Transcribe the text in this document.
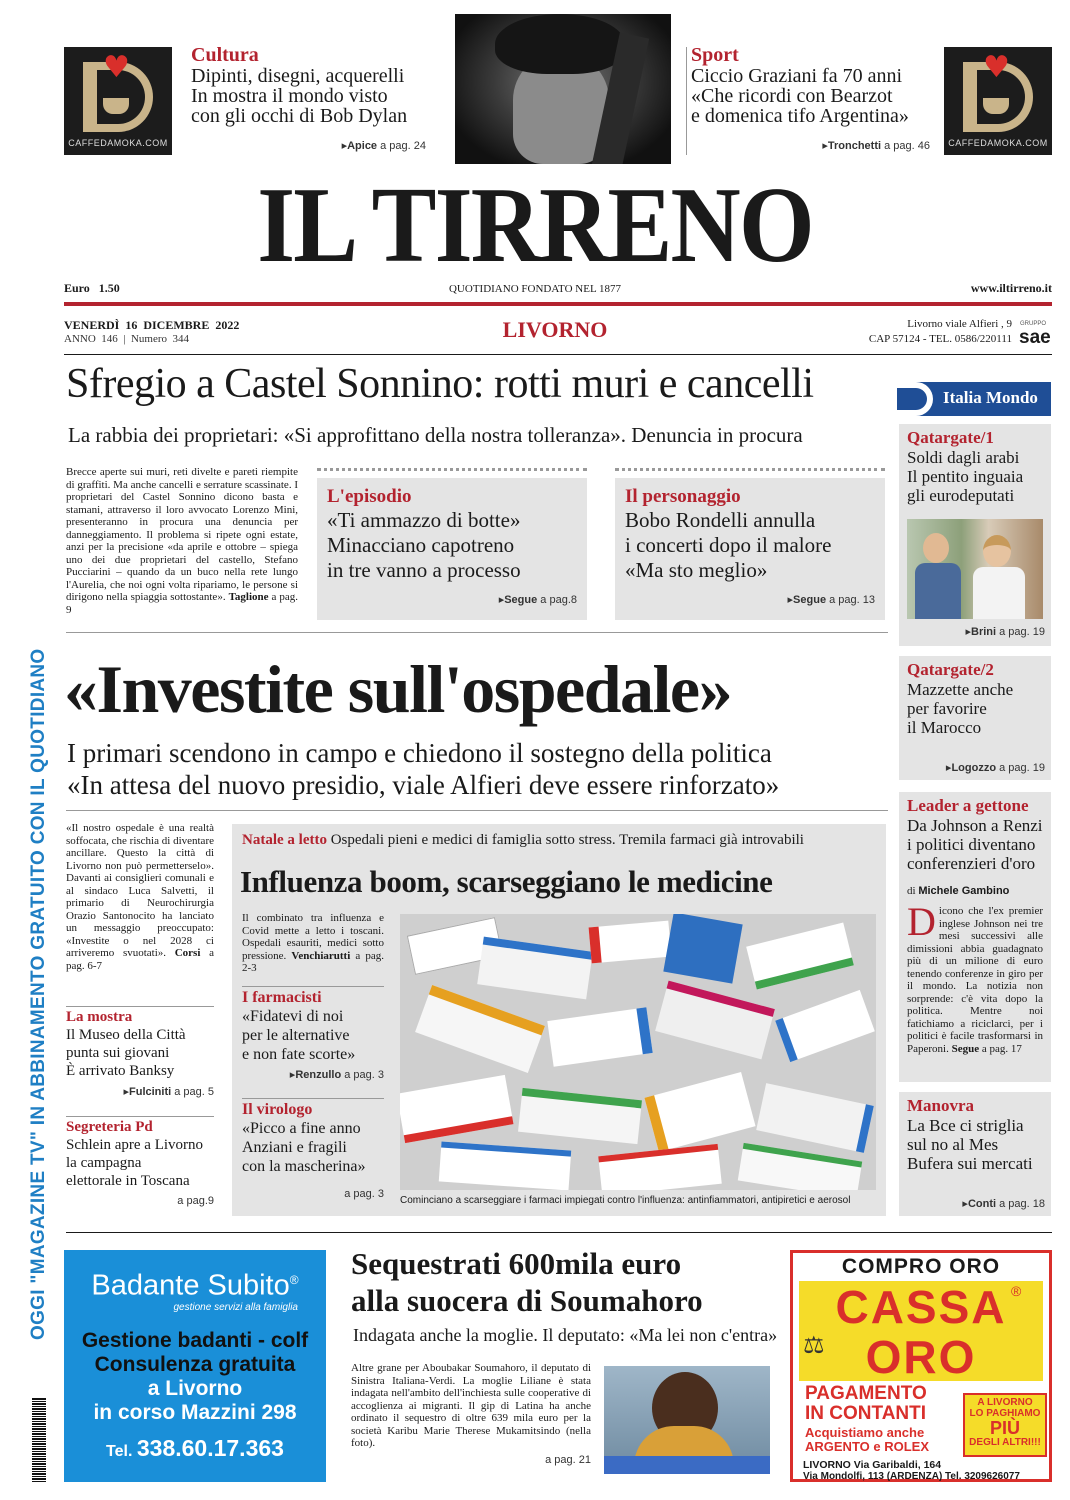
♥
CAFFEDAMOKA.COM
Cultura
Dipinti, disegni, acquerelli
In mostra il mondo visto
con gli occhi di Bob Dylan
▸Apice a pag. 24
Sport
Ciccio Graziani fa 70 anni
«Che ricordi con Bearzot
e domenica tifo Argentina»
▸Tronchetti a pag. 46
♥
CAFFEDAMOKA.COM
IL TIRRENO
Euro   1.50	QUOTIDIANO FONDATO NEL 1877	www.iltirreno.it
VENERDÌ  16  DICEMBRE  2022
ANNO  146  |  Numero  344	LIVORNO	Livorno viale Alfieri , 9
CAP 57124 - TEL. 0586/220111
GRUPPO
sae
OGGI "MAGAZINE TV" IN ABBINAMENTO GRATUITO CON IL QUOTIDIANO
Sfregio a Castel Sonnino: rotti muri e cancelli
La rabbia dei proprietari: «Si approfittano della nostra tolleranza». Denuncia in procura
Brecce aperte sui muri, reti divelte e pareti riempite di graffiti. Ma anche cancelli e serrature scassinate. I proprietari del Castel Sonnino dicono basta e stamani, attraverso il loro avvocato Lorenzo Mini, presenteranno in procura una denuncia per danneggiamento. Il problema si ripete ogni estate, anzi per la precisione «da aprile e ottobre – spiega uno dei due proprietari del castello, Stefano Pucciarini – quando da un buco nella rete lungo l'Aurelia, che noi ogni volta ripariamo, le persone si dirigono nella spiaggia sottostante». Taglione a pag. 9
L'episodio
«Ti ammazzo di botte»
Minacciano capotreno
in tre vanno a processo
▸Segue a pag.8
Il personaggio
Bobo Rondelli annulla
i concerti dopo il malore
«Ma sto meglio»
▸Segue a pag. 13
«Investite sull'ospedale»
I primari scendono in campo e chiedono il sostegno della politica
«In attesa del nuovo presidio, viale Alfieri deve essere rinforzato»
«Il nostro ospedale è una realtà soffocata, che rischia di diventare ancillare. Questo la città di Livorno non può permetterselo». Davanti ai consiglieri comunali e al sindaco Luca Salvetti, il primario di Neurochirurgia Orazio Santonocito ha lanciato un messaggio preoccupato: «Investite o nel 2028 ci arriveremo svuotati». Corsi a pag. 6-7
La mostra
Il Museo della Città
punta sui giovani
È arrivato Banksy
▸Fulciniti a pag. 5
Segreteria Pd
Schlein apre a Livorno
la campagna
elettorale in Toscana
a pag.9
Natale a letto Ospedali pieni e medici di famiglia sotto stress. Tremila farmaci già introvabili
Influenza boom, scarseggiano le medicine
Il combinato tra influenza e Covid mette a letto i toscani. Ospedali esauriti, medici sotto pressione. Venchiarutti a pag. 2-3
I farmacisti
«Fidatevi di noi
per le alternative
e non fate scorte»
▸Renzullo a pag. 3
Il virologo
«Picco a fine anno
Anziani e fragili
con la mascherina»
a pag. 3
Cominciano a scarseggiare i farmaci impiegati contro l'influenza: antinfiammatori, antipiretici e aerosol
Italia Mondo
Qatargate/1
Soldi dagli arabi
Il pentito inguaia
gli eurodeputati
▸Brini a pag. 19
Qatargate/2
Mazzette anche
per favorire
il Marocco
▸Logozzo a pag. 19
Leader a gettone
Da Johnson a Renzi
i politici diventano
conferenzieri d'oro
di Michele Gambino
Dicono che l'ex premier inglese Johnson nei tre mesi successivi alle dimissioni abbia guadagnato più di un milione di euro tenendo conferenze in giro per il mondo. La notizia non sorprende: c'è vita dopo la politica. Mentre noi fatichiamo a riciclarci, per i politici è facile trasformarsi in Paperoni. Segue a pag. 17
Manovra
La Bce ci striglia
sul no al Mes
Bufera sui mercati
▸Conti a pag. 18
Badante Subito®
gestione servizi alla famiglia
Gestione badanti - colf
Consulenza gratuita
a Livorno
in corso Mazzini 298
Tel. 338.60.17.363
Sequestrati 600mila euro
alla suocera di Soumahoro
Indagata anche la moglie. Il deputato: «Ma lei non c'entra»
Altre grane per Aboubakar Soumahoro, il deputato di Sinistra Italiana-Verdi. La moglie Liliane è stata indagata nell'ambito dell'inchiesta sulle cooperative di accoglienza ai migranti. Il gip di Latina ha anche ordinato il sequestro di oltre 639 mila euro per la società Karibu Marie Therese Mukamitsindo (nella foto).
a pag. 21
COMPRO ORO
CASSA ®
ORO
⚖
PAGAMENTO
IN CONTANTI
Acquistiamo anche
ARGENTO e ROLEX
A LIVORNO
LO PAGHIAMO
PIÙ
DEGLI ALTRI!!!
LIVORNO Via Garibaldi, 164
Via Mondolfi, 113 (ARDENZA) Tel. 3209626077
